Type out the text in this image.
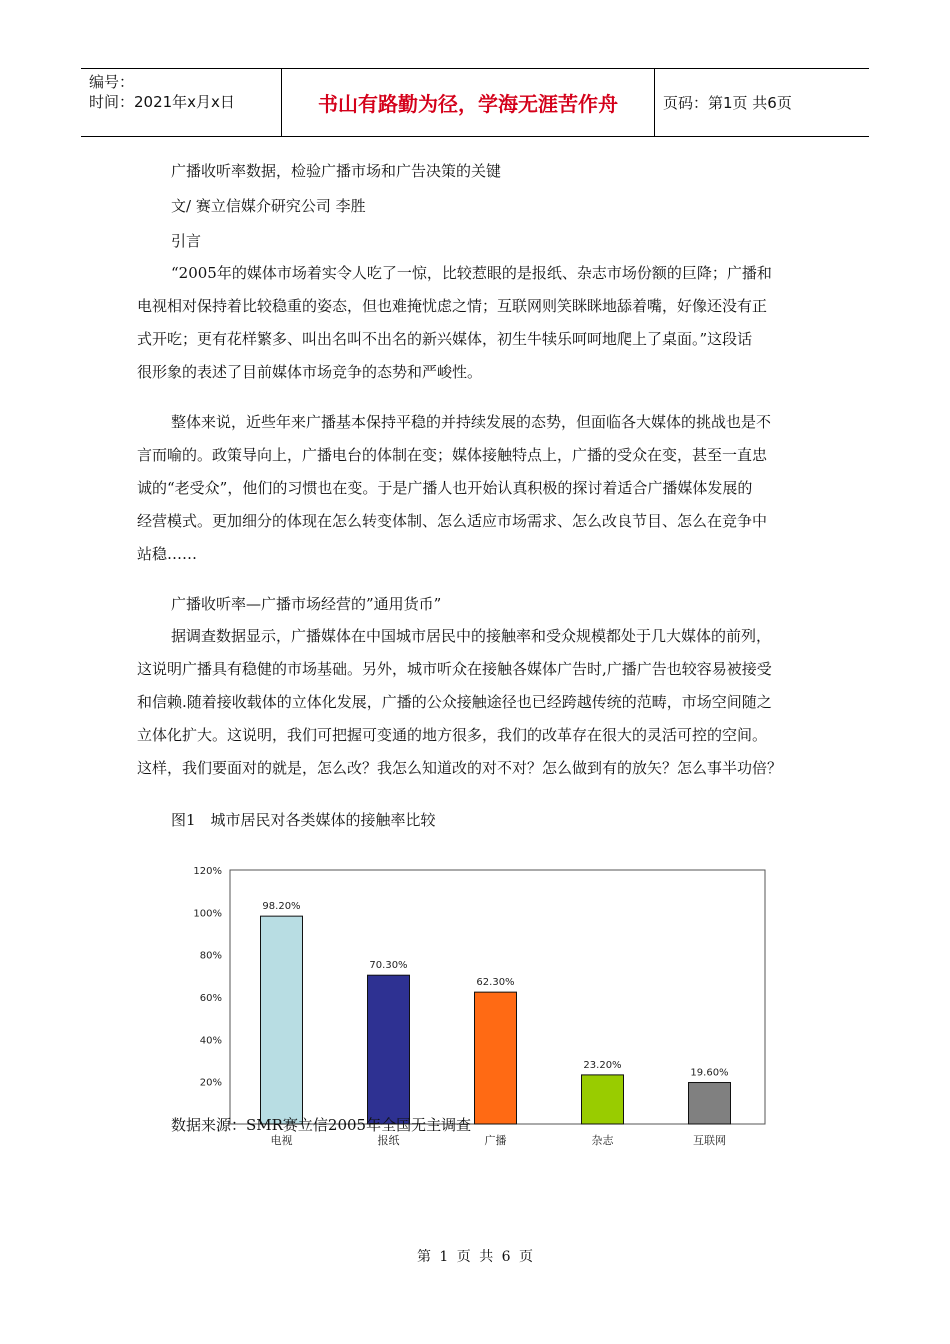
编号：
时间：2021年x月x日	书山有路勤为径，学海无涯苦作舟	页码：第1页 共6页
广播收听率数据，检验广播市场和广告决策的关键
文/ 赛立信媒介研究公司 李胜
引言
“2005年的媒体市场着实令人吃了一惊，比较惹眼的是报纸、杂志市场份额的巨降；广播和
电视相对保持着比较稳重的姿态，但也难掩忧虑之情；互联网则笑眯眯地舔着嘴，好像还没有正
式开吃；更有花样繁多、叫出名叫不出名的新兴媒体，初生牛犊乐呵呵地爬上了桌面。”这段话
很形象的表述了目前媒体市场竞争的态势和严峻性。
整体来说，近些年来广播基本保持平稳的并持续发展的态势，但面临各大媒体的挑战也是不
言而喻的。政策导向上，广播电台的体制在变；媒体接触特点上，广播的受众在变，甚至一直忠
诚的“老受众”，他们的习惯也在变。于是广播人也开始认真积极的探讨着适合广播媒体发展的
经营模式。更加细分的体现在怎么转变体制、怎么适应市场需求、怎么改良节目、怎么在竞争中
站稳……
广播收听率—广播市场经营的”通用货币”
据调查数据显示，广播媒体在中国城市居民中的接触率和受众规模都处于几大媒体的前列，
这说明广播具有稳健的市场基础。另外，城市听众在接触各媒体广告时,广播广告也较容易被接受
和信赖.随着接收载体的立体化发展，广播的公众接触途径也已经跨越传统的范畴，市场空间随之
立体化扩大。这说明，我们可把握可变通的地方很多，我们的改革存在很大的灵活可控的空间。
这样，我们要面对的就是，怎么改？我怎么知道改的对不对？怎么做到有的放矢？怎么事半功倍？
图1　城市居民对各类媒体的接触率比较
20%
40%
60%
80%
100%
120%
98.20%
电视
70.30%
报纸
62.30%
广播
23.20%
杂志
19.60%
互联网
数据来源：SMR赛立信2005年全国无主调查
第 1 页 共 6 页
